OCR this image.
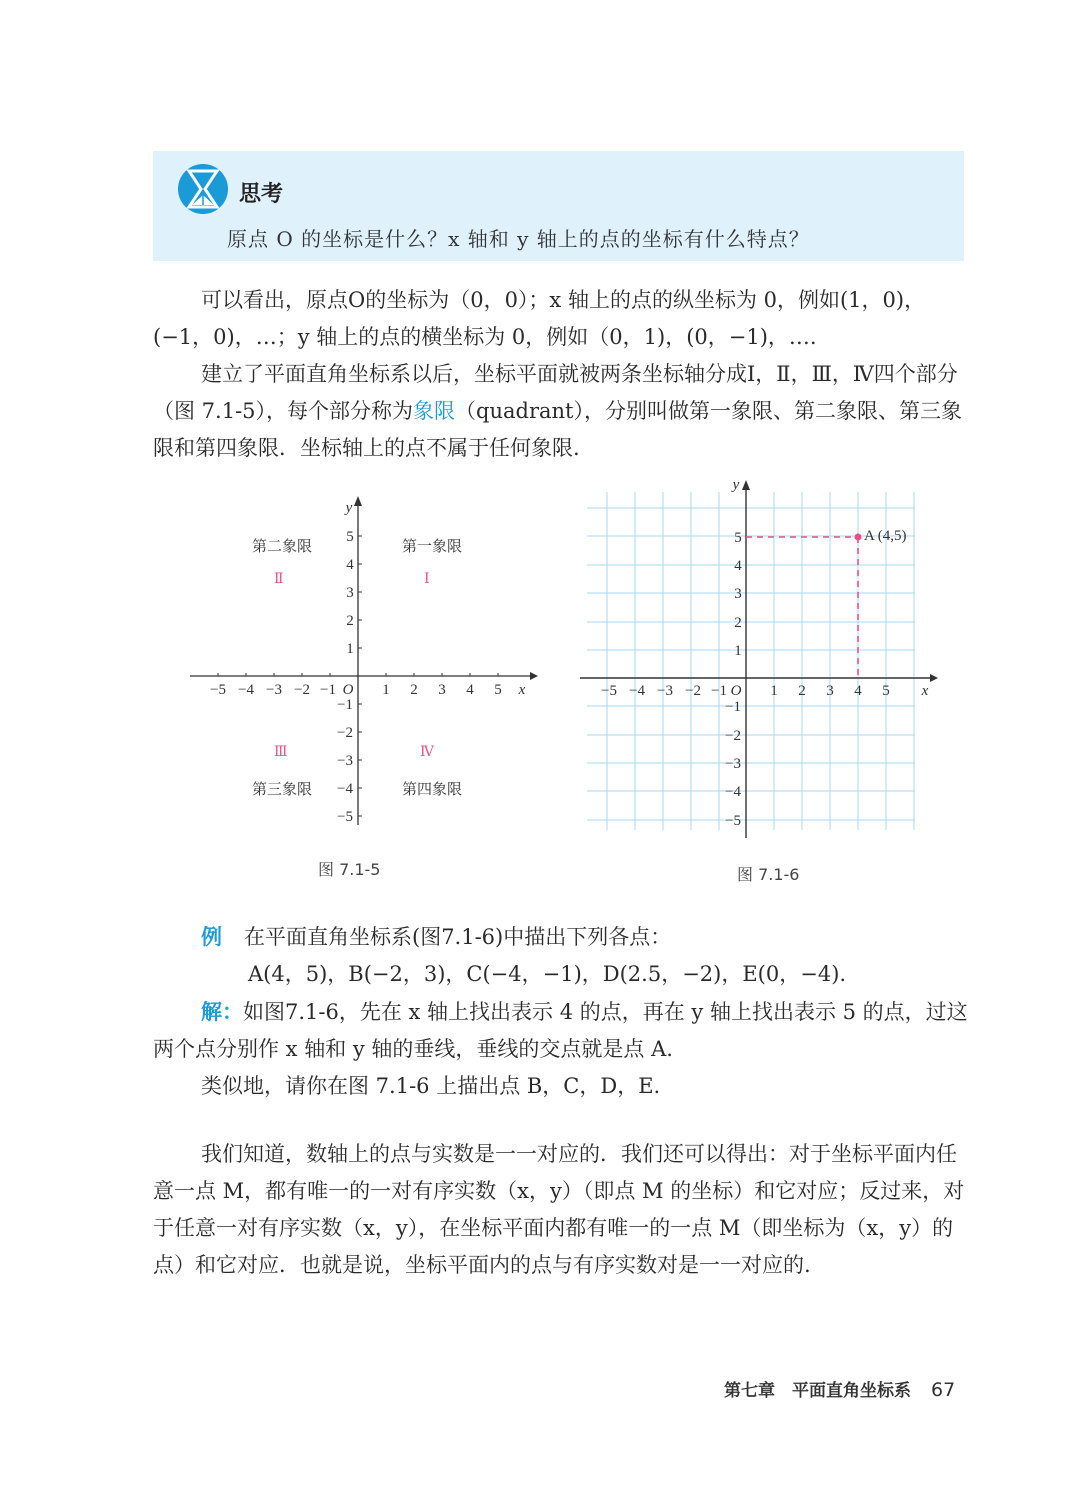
思考
原点 O 的坐标是什么？x 轴和 y 轴上的点的坐标有什么特点？

可以看出，原点O的坐标为（0，0）；x 轴上的点的纵坐标为 0，例如(1，0)，

(−1，0)，…；y 轴上的点的横坐标为 0，例如（0，1)，(0，−1)，….

建立了平面直角坐标系以后，坐标平面就被两条坐标轴分成Ⅰ，Ⅱ，Ⅲ，Ⅳ四个部分（图 7.1-5），每个部分称为象限（quadrant），分别叫做第一象限、第二象限、第三象限和第四象限．坐标轴上的点不属于任何象限.

−5 −4 −3 −2 −1 O 1 2 3 4 5 x
y
5
4
3
2
1
−1
−2
−3
−4
−5
第二象限	第一象限
Ⅱ	Ⅰ
Ⅲ	Ⅳ
第三象限	第四象限
图 7.1-5
−5 −4 −3 −2 −1 O 1 2 3 4 5 x
y
5
4
3
2
1
−1
−2
−3
−4
−5
A (4,5)
图 7.1-6

例 在平面直角坐标系(图7.1-6)中描出下列各点：

A(4，5)，B(−2，3)，C(−4，−1)，D(2.5，−2)，E(0，−4).

解：如图7.1-6，先在 x 轴上找出表示 4 的点，再在 y 轴上找出表示 5 的点，过这两个点分别作 x 轴和 y 轴的垂线，垂线的交点就是点 A.

类似地，请你在图 7.1-6 上描出点 B，C，D，E.

我们知道，数轴上的点与实数是一一对应的．我们还可以得出：对于坐标平面内任意一点 M，都有唯一的一对有序实数（x，y）（即点 M 的坐标）和它对应；反过来，对于任意一对有序实数（x，y），在坐标平面内都有唯一的一点 M（即坐标为（x，y）的点）和它对应．也就是说，坐标平面内的点与有序实数对是一一对应的.

第七章　平面直角坐标系 67
